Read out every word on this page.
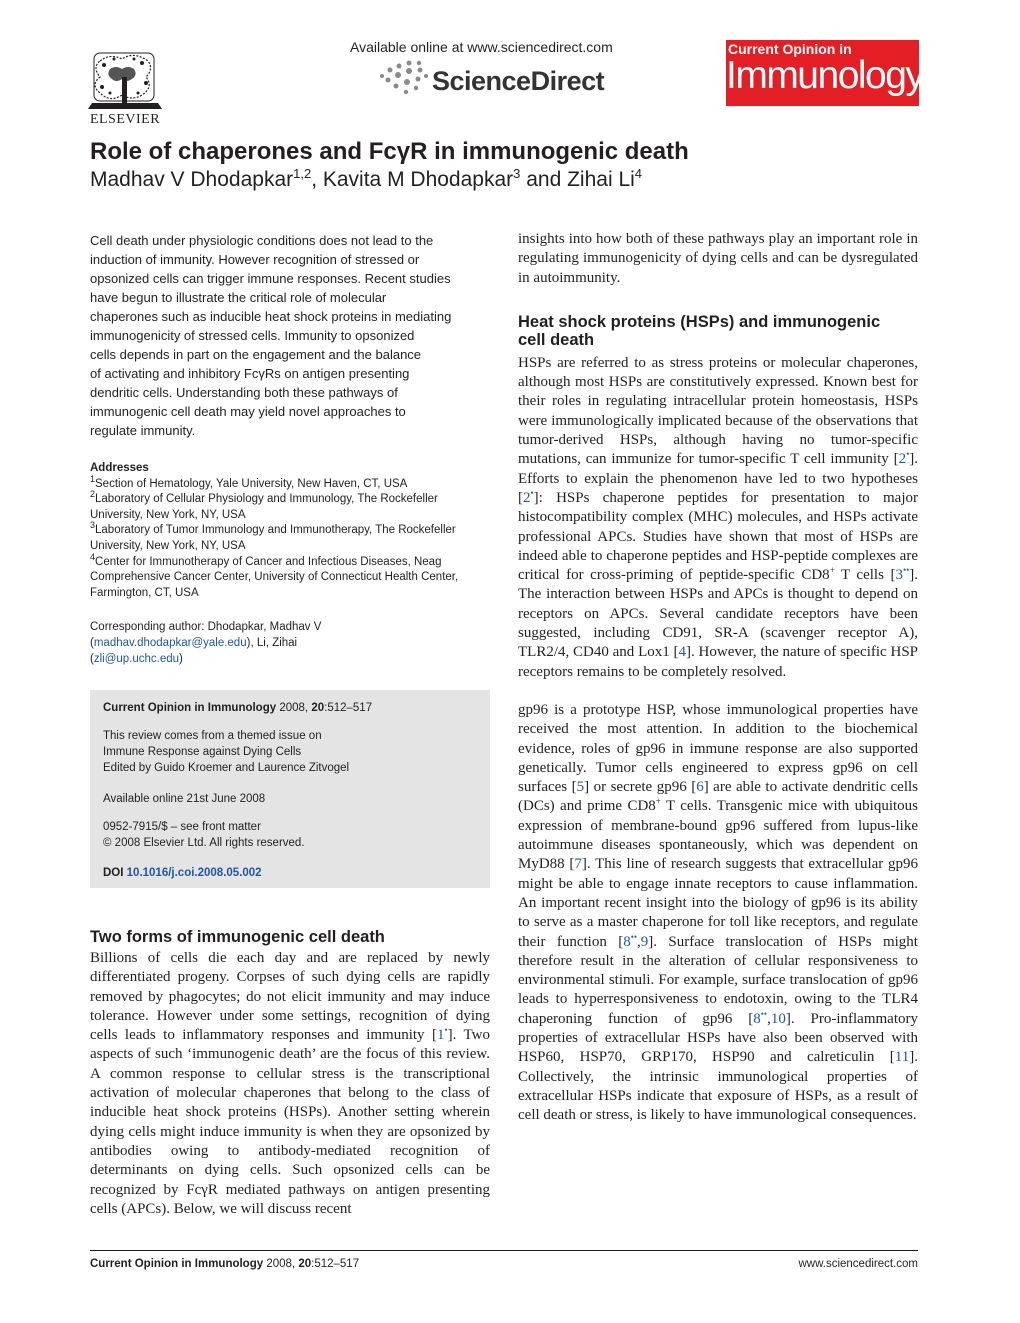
ELSEVIER
Available online at www.sciencedirect.com
ScienceDirect
Current Opinion in
Immunology
Role of chaperones and FcγR in immunogenic death
Madhav V Dhodapkar$^{1,2}$, Kavita M Dhodapkar$^3$ and Zihai Li$^4$
Cell death under physiologic conditions does not lead to the
induction of immunity. However recognition of stressed or
opsonized cells can trigger immune responses. Recent studies
have begun to illustrate the critical role of molecular
chaperones such as inducible heat shock proteins in mediating
immunogenicity of stressed cells. Immunity to opsonized
cells depends in part on the engagement and the balance
of activating and inhibitory FcγRs on antigen presenting
dendritic cells. Understanding both these pathways of
immunogenic cell death may yield novel approaches to
regulate immunity.
Addresses
$^1$Section of Hematology, Yale University, New Haven, CT, USA
$^2$Laboratory of Cellular Physiology and Immunology, The Rockefeller
University, New York, NY, USA
$^3$Laboratory of Tumor Immunology and Immunotherapy, The Rockefeller
University, New York, NY, USA
$^4$Center for Immunotherapy of Cancer and Infectious Diseases, Neag
Comprehensive Cancer Center, University of Connecticut Health Center,
Farmington, CT, USA
Corresponding author: Dhodapkar, Madhav V
(madhav.dhodapkar@yale.edu), Li, Zihai
(zli@up.uchc.edu)
Current Opinion in Immunology 2008, 20:512–517
This review comes from a themed issue on
Immune Response against Dying Cells
Edited by Guido Kroemer and Laurence Zitvogel
Available online 21st June 2008
0952-7915/$ – see front matter
© 2008 Elsevier Ltd. All rights reserved.
DOI 10.1016/j.coi.2008.05.002
Two forms of immunogenic cell death
Billions of cells die each day and are replaced by newly differentiated progeny. Corpses of such dying cells are rapidly removed by phagocytes; do not elicit immunity and may induce tolerance. However under some settings, recognition of dying cells leads to inflammatory responses and immunity [1•]. Two aspects of such ‘immunogenic death’ are the focus of this review. A common response to cellular stress is the transcriptional activation of molecular chaperones that belong to the class of inducible heat shock proteins (HSPs). Another setting wherein dying cells might induce immunity is when they are opsonized by antibodies owing to antibody-mediated recognition of determinants on dying cells. Such opsonized cells can be recognized by FcγR mediated pathways on antigen presenting cells (APCs). Below, we will discuss recent

insights into how both of these pathways play an important role in regulating immunogenicity of dying cells and can be dysregulated in autoimmunity.

Heat shock proteins (HSPs) and immunogenic
cell death

HSPs are referred to as stress proteins or molecular chaperones, although most HSPs are constitutively expressed. Known best for their roles in regulating intracellular protein homeostasis, HSPs were immunologically implicated because of the observations that tumor-derived HSPs, although having no tumor-specific mutations, can immunize for tumor-specific T cell immunity [2•]. Efforts to explain the phenomenon have led to two hypotheses [2•]: HSPs chaperone peptides for presentation to major histocompatibility complex (MHC) molecules, and HSPs activate professional APCs. Studies have shown that most of HSPs are indeed able to chaperone peptides and HSP-peptide complexes are critical for cross-priming of peptide-specific CD8+ T cells [3••]. The interaction between HSPs and APCs is thought to depend on receptors on APCs. Several candidate receptors have been suggested, including CD91, SR-A (scavenger receptor A), TLR2/4, CD40 and Lox1 [4]. However, the nature of specific HSP receptors remains to be completely resolved.

gp96 is a prototype HSP, whose immunological properties have received the most attention. In addition to the biochemical evidence, roles of gp96 in immune response are also supported genetically. Tumor cells engineered to express gp96 on cell surfaces [5] or secrete gp96 [6] are able to activate dendritic cells (DCs) and prime CD8+ T cells. Transgenic mice with ubiquitous expression of membrane-bound gp96 suffered from lupus-like autoimmune diseases spontaneously, which was dependent on MyD88 [7]. This line of research suggests that extracellular gp96 might be able to engage innate receptors to cause inflammation. An important recent insight into the biology of gp96 is its ability to serve as a master chaperone for toll like receptors, and regulate their function [8••,9]. Surface translocation of HSPs might therefore result in the alteration of cellular responsiveness to environmental stimuli. For example, surface translocation of gp96 leads to hyperresponsiveness to endotoxin, owing to the TLR4 chaperoning function of gp96 [8••,10]. Pro-inflammatory properties of extracellular HSPs have also been observed with HSP60, HSP70, GRP170, HSP90 and calreticulin [11]. Collectively, the intrinsic immunological properties of extracellular HSPs indicate that exposure of HSPs, as a result of cell death or stress, is likely to have immunological consequences.

Current Opinion in Immunology 2008, 20:512–517	www.sciencedirect.com
